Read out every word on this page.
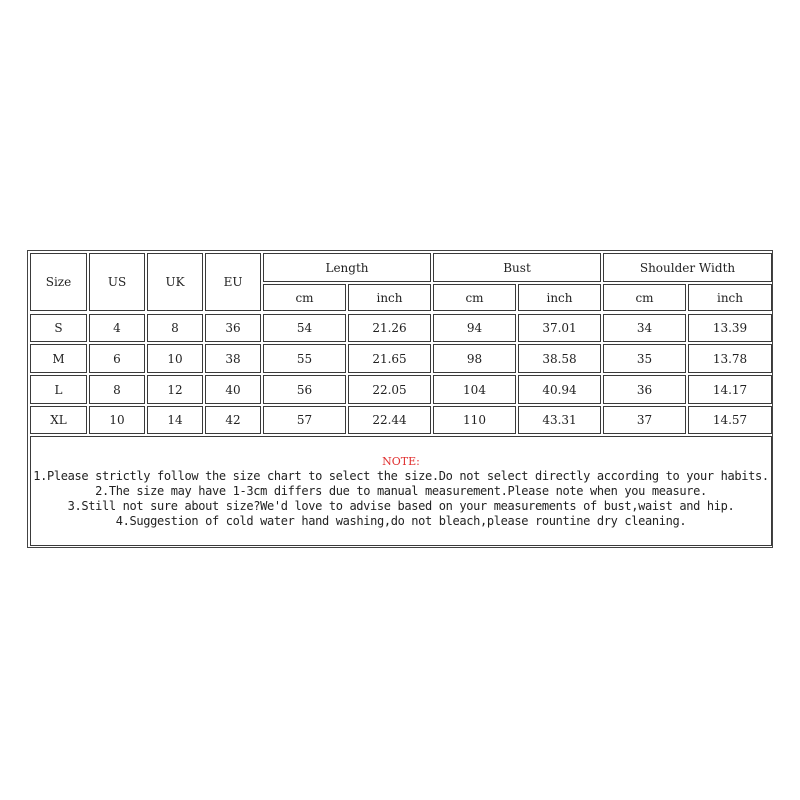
Size	US	UK	EU
Length	Bust	Shoulder Width
cm	inch	cm	inch	cm	inch
S	4	8	36	54	21.26	94	37.01	34	13.39
M	6	10	38	55	21.65	98	38.58	35	13.78
L	8	12	40	56	22.05	104	40.94	36	14.17
XL	10	14	42	57	22.44	110	43.31	37	14.57
NOTE:
1.Please strictly follow the size chart to select the size.Do not select directly according to your habits.
2.The size may have 1-3cm differs due to manual measurement.Please note when you measure.
3.Still not sure about size?We'd love to advise based on your measurements of bust,waist and hip.
4.Suggestion of cold water hand washing,do not bleach,please rountine dry cleaning.
